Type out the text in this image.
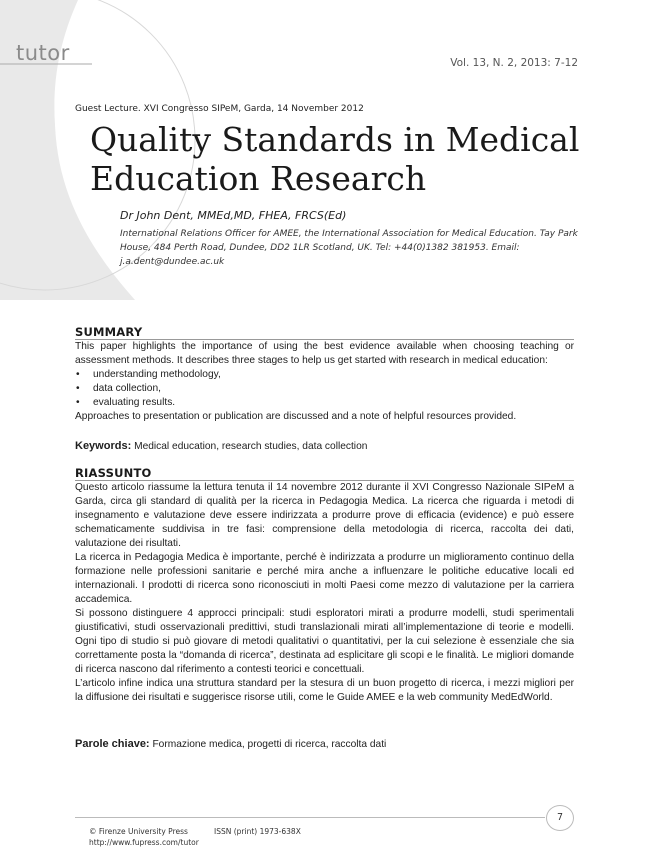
tutor	Vol. 13, N. 2, 2013: 7-12
Guest Lecture. XVI Congresso SIPeM, Garda, 14 November 2012
Quality Standards in Medical Education Research
Dr John Dent, MMEd,MD, FHEA, FRCS(Ed)
International Relations Officer for AMEE, the International Association for Medical Education. Tay Park House, 484 Perth Road, Dundee, DD2 1LR Scotland, UK. Tel: +44(0)1382 381953. Email: j.a.dent@dundee.ac.uk
SUMMARY

This paper highlights the importance of using the best evidence available when choosing teaching or assessment methods. It describes three stages to help us get started with research in medical education:

• understanding methodology,
• data collection,
• evaluating results.

Approaches to presentation or publication are discussed and a note of helpful resources provided.

Keywords: Medical education, research studies, data collection
RIASSUNTO

Questo articolo riassume la lettura tenuta il 14 novembre 2012 durante il XVI Congresso Nazionale SIPeM a Garda, circa gli standard di qualità per la ricerca in Pedagogia Medica. La ricerca che riguarda i metodi di insegnamento e valutazione deve essere indirizzata a produrre prove di efficacia (evidence) e può essere schematicamente suddivisa in tre fasi: comprensione della metodologia di ricerca, raccolta dei dati, valutazione dei risultati.

La ricerca in Pedagogia Medica è importante, perché è indirizzata a produrre un miglioramento continuo della formazione nelle professioni sanitarie e perché mira anche a influenzare le politiche educative locali ed internazionali. I prodotti di ricerca sono riconosciuti in molti Paesi come mezzo di valutazione per la carriera accademica.

Si possono distinguere 4 approcci principali: studi esploratori mirati a produrre modelli, studi sperimentali giustificativi, studi osservazionali predittivi, studi translazionali mirati all’implementazione di teorie e modelli. Ogni tipo di studio si può giovare di metodi qualitativi o quantitativi, per la cui selezione è essenziale che sia correttamente posta la “domanda di ricerca”, destinata ad esplicitare gli scopi e le finalità. Le migliori domande di ricerca nascono dal riferimento a contesti teorici e concettuali.

L’articolo infine indica una struttura standard per la stesura di un buon progetto di ricerca, i mezzi migliori per la diffusione dei risultati e suggerisce risorse utili, come le Guide AMEE e la web community MedEdWorld.

Parole chiave: Formazione medica, progetti di ricerca, raccolta dati
7
© Firenze University Press
http://www.fupress.com/tutor
ISSN (print) 1973-638X
